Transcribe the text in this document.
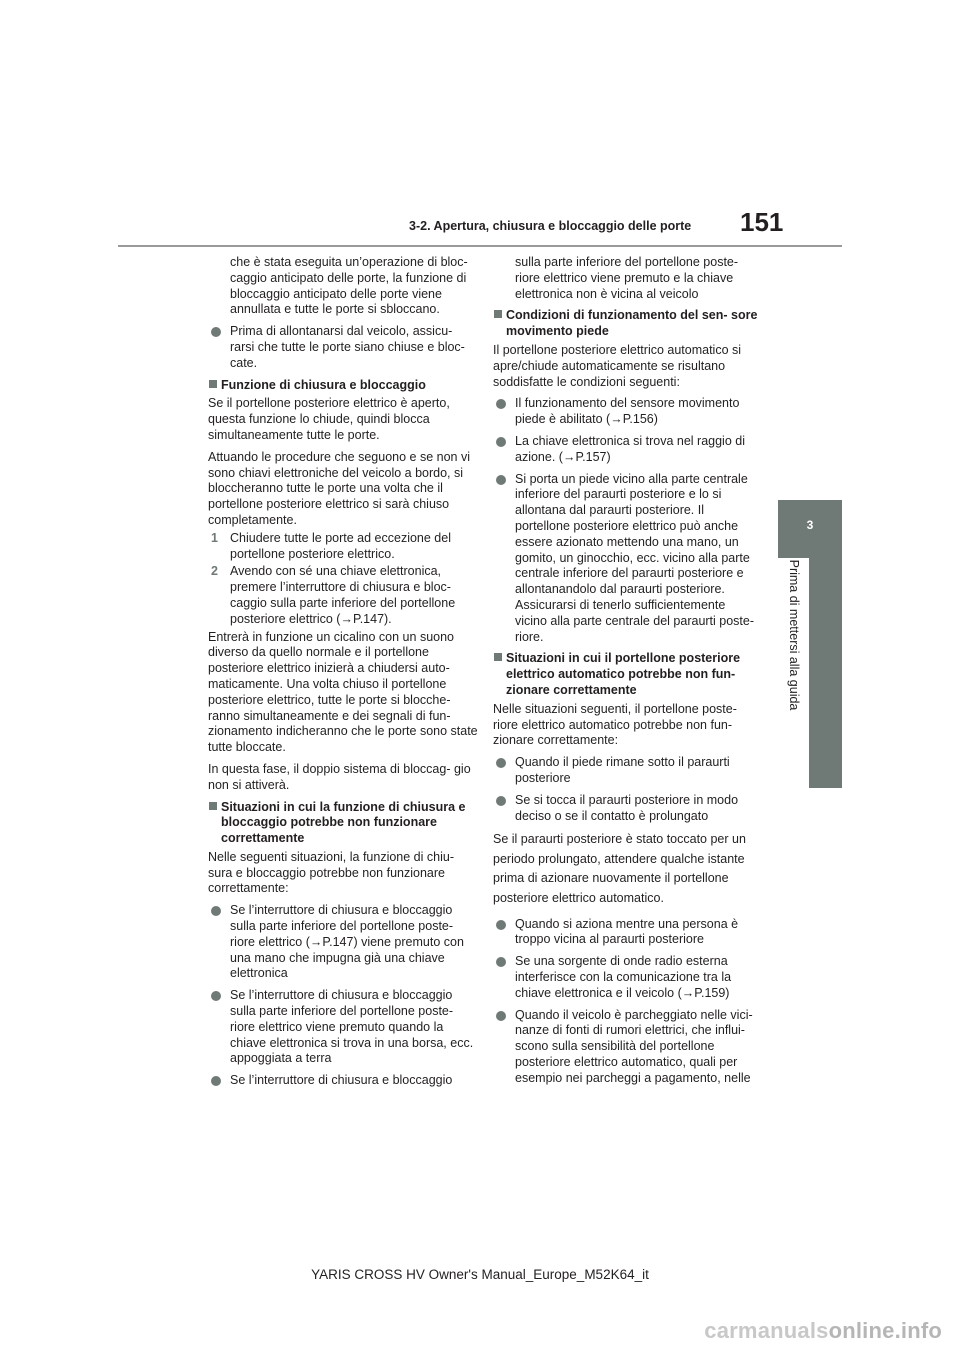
3-2. Apertura, chiusura e bloccaggio delle porte 151
3
Prima di mettersi alla guida

che è stata eseguita un’operazione di bloc- caggio anticipato delle porte, la funzione di bloccaggio anticipato delle porte viene annullata e tutte le porte si sbloccano.

Prima di allontanarsi dal veicolo, assicu- rarsi che tutte le porte siano chiuse e bloc- cate.
Funzione di chiusura e bloccaggio

Se il portellone posteriore elettrico è aperto, questa funzione lo chiude, quindi blocca simultaneamente tutte le porte.

Attuando le procedure che seguono e se non vi sono chiavi elettroniche del veicolo a bordo, si bloccheranno tutte le porte una volta che il portellone posteriore elettrico si sarà chiuso completamente.

1 Chiudere tutte le porte ad eccezione del portellone posteriore elettrico.
2 Avendo con sé una chiave elettronica, premere l’interruttore di chiusura e bloc- caggio sulla parte inferiore del portellone posteriore elettrico (→P.147).

Entrerà in funzione un cicalino con un suono diverso da quello normale e il portellone posteriore elettrico inizierà a chiudersi auto- maticamente. Una volta chiuso il portellone posteriore elettrico, tutte le porte si blocche- ranno simultaneamente e dei segnali di fun- zionamento indicheranno che le porte sono state tutte bloccate.

In questa fase, il doppio sistema di bloccag- gio non si attiverà.

Situazioni in cui la funzione di chiusura e bloccaggio potrebbe non funzionare correttamente

Nelle seguenti situazioni, la funzione di chiu- sura e bloccaggio potrebbe non funzionare correttamente:

Se l’interruttore di chiusura e bloccaggio sulla parte inferiore del portellone poste- riore elettrico (→P.147) viene premuto con una mano che impugna già una chiave elettronica
Se l’interruttore di chiusura e bloccaggio sulla parte inferiore del portellone poste- riore elettrico viene premuto quando la chiave elettronica si trova in una borsa, ecc. appoggiata a terra
Se l’interruttore di chiusura e bloccaggio

sulla parte inferiore del portellone poste- riore elettrico viene premuto e la chiave elettronica non è vicina al veicolo

Condizioni di funzionamento del sen- sore movimento piede

Il portellone posteriore elettrico automatico si apre/chiude automaticamente se risultano soddisfatte le condizioni seguenti:

Il funzionamento del sensore movimento piede è abilitato (→P.156)
La chiave elettronica si trova nel raggio di azione. (→P.157)
Si porta un piede vicino alla parte centrale inferiore del paraurti posteriore e lo si allontana dal paraurti posteriore. Il portellone posteriore elettrico può anche essere azionato mettendo una mano, un gomito, un ginocchio, ecc. vicino alla parte centrale inferiore del paraurti posteriore e allontanandolo dal paraurti posteriore. Assicurarsi di tenerlo sufficientemente vicino alla parte centrale del paraurti poste- riore.
Situazioni in cui il portellone posteriore elettrico automatico potrebbe non fun- zionare correttamente

Nelle situazioni seguenti, il portellone poste- riore elettrico automatico potrebbe non fun- zionare correttamente:

Quando il piede rimane sotto il paraurti posteriore
Se si tocca il paraurti posteriore in modo deciso o se il contatto è prolungato

Se il paraurti posteriore è stato toccato per un

periodo prolungato, attendere qualche istante

prima di azionare nuovamente il portellone

posteriore elettrico automatico.

Quando si aziona mentre una persona è troppo vicina al paraurti posteriore
Se una sorgente di onde radio esterna interferisce con la comunicazione tra la chiave elettronica e il veicolo (→P.159)
Quando il veicolo è parcheggiato nelle vici- nanze di fonti di rumori elettrici, che influi- scono sulla sensibilità del portellone posteriore elettrico automatico, quali per esempio nei parcheggi a pagamento, nelle
YARIS CROSS HV Owner's Manual_Europe_M52K64_it
carmanualsonline.info
